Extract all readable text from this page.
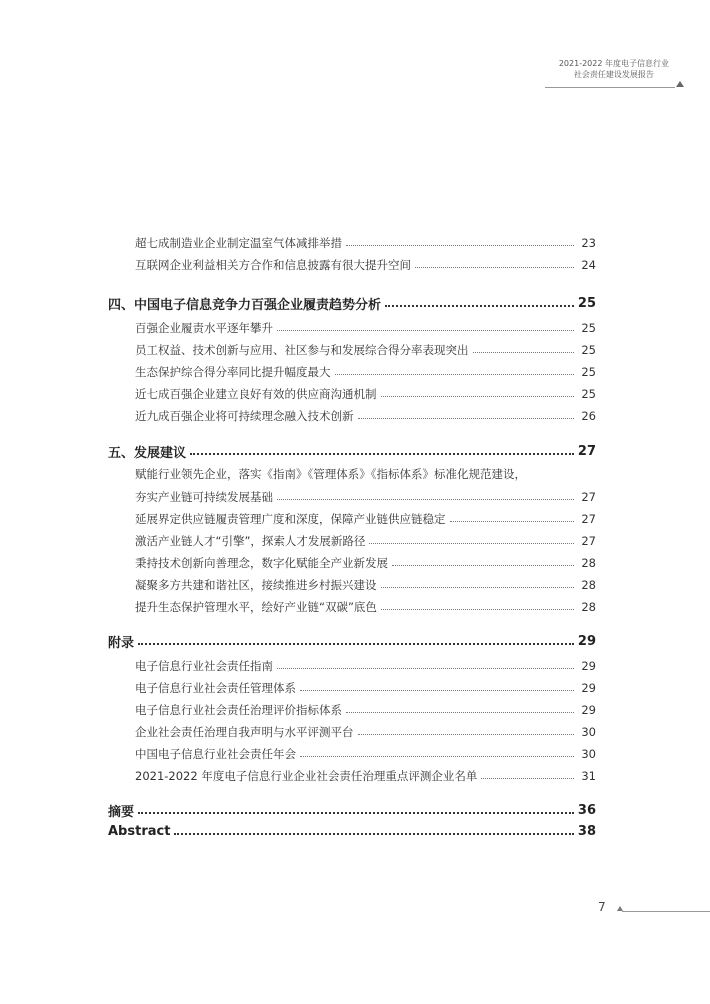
2021-2022 年度电子信息行业
社会责任建设发展报告
超七成制造业企业制定温室气体减排举措	23
互联网企业利益相关方合作和信息披露有很大提升空间	24
四、中国电子信息竞争力百强企业履责趋势分析	25
百强企业履责水平逐年攀升	25
员工权益、技术创新与应用、社区参与和发展综合得分率表现突出	25
生态保护综合得分率同比提升幅度最大	25
近七成百强企业建立良好有效的供应商沟通机制	25
近九成百强企业将可持续理念融入技术创新	26
五、发展建议	27
赋能行业领先企业，落实《指南》《管理体系》《指标体系》标准化规范建设，
夯实产业链可持续发展基础	27
延展界定供应链履责管理广度和深度，保障产业链供应链稳定	27
激活产业链人才“引擎”，探索人才发展新路径	27
秉持技术创新向善理念，数字化赋能全产业新发展	28
凝聚多方共建和谐社区，接续推进乡村振兴建设	28
提升生态保护管理水平，绘好产业链“双碳”底色	28
附录	29
电子信息行业社会责任指南	29
电子信息行业社会责任管理体系	29
电子信息行业社会责任治理评价指标体系	29
企业社会责任治理自我声明与水平评测平台	30
中国电子信息行业社会责任年会	30
2021-2022 年度电子信息行业企业社会责任治理重点评测企业名单	31
摘要	36
Abstract	38
7
